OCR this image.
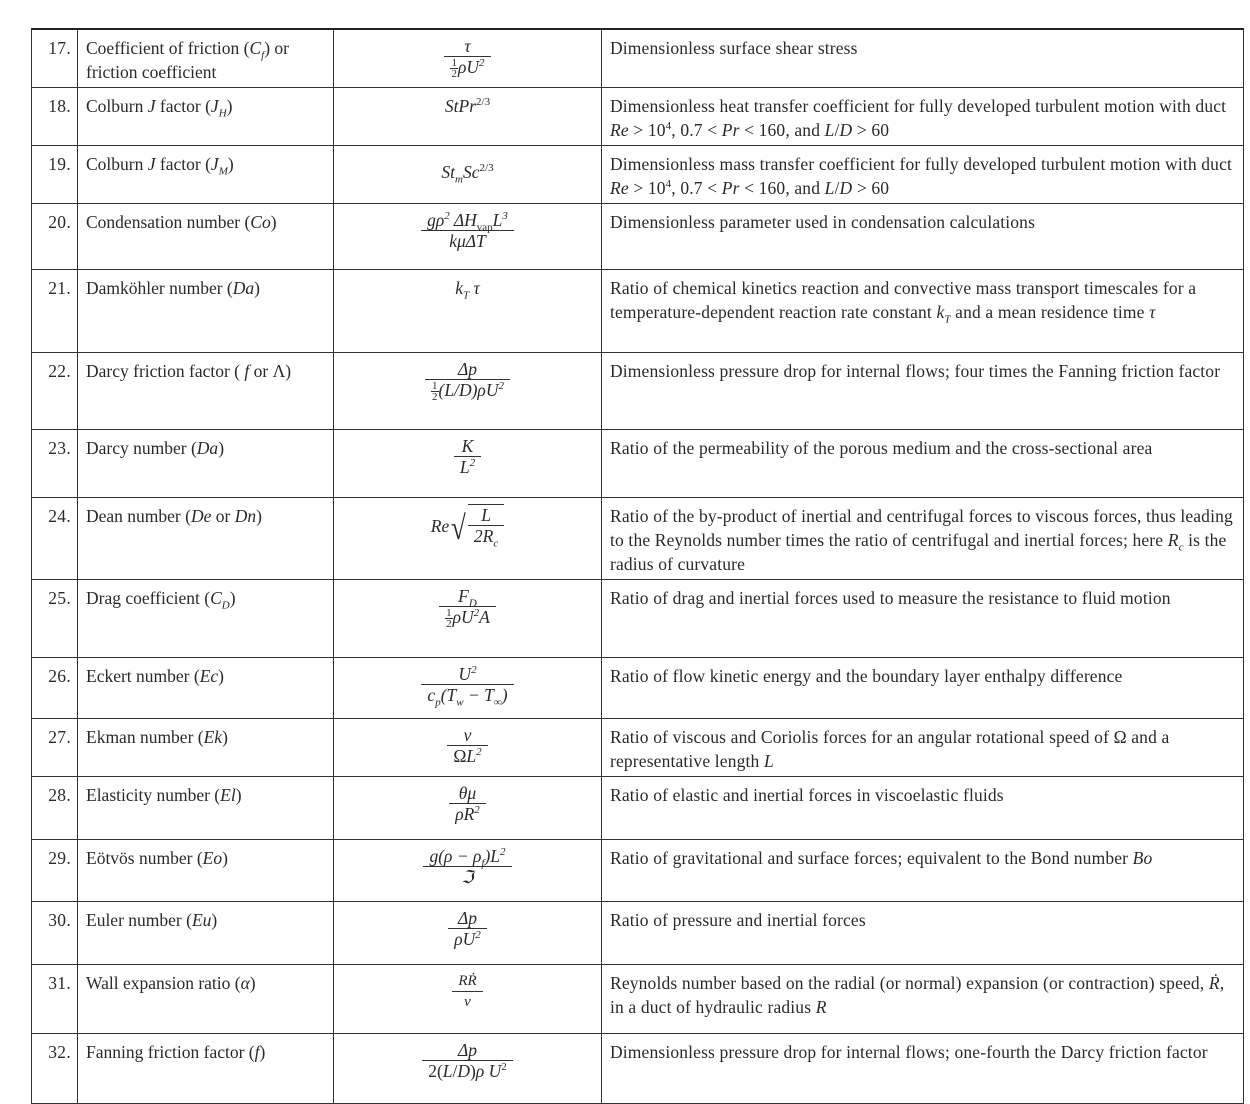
17.	Coefficient of friction $(C_f)$ or friction coefficient	$\frac{\tau}{\frac{1}{2} \rho U^2}$	Dimensionless surface shear stress
18.	Colburn J factor $(J_H)$	StPr$^{2/3}$	Dimensionless heat transfer coefficient for fully developed turbulent motion with duct $Re > 10^4$, 0.7 < Pr < 160, and L/D > 60
19.	Colburn J factor $(J_M)$	$St_mSc^{2/3}$	Dimensionless mass transfer coefficient for fully developed turbulent motion with duct $Re > 10^4$, 0.7 < Pr < 160, and L/D > 60
20.	Condensation number (Co)	$\frac{g\rho^2 \Delta H_{vap}L^3}{\text{kμΔT}}$	Dimensionless parameter used in condensation calculations
21.	Damköhler number (Da)	$k_T$ τ	Ratio of chemical kinetics reaction and convective mass transport timescales for a temperature-dependent reaction rate constant $k_T$ and a mean residence time τ
22.	Darcy friction factor ( f or Λ)	$\frac{\Delta p}{\frac{1}{2} (L/D)\rho U^2}$	Dimensionless pressure drop for internal flows; four times the Fanning friction factor
23.	Darcy number (Da)	$\frac{K}{L^2}$	Ratio of the permeability of the porous medium and the cross-sectional area
24.	Dean number (De or Dn)	Re √ $\frac{L}{2R_c}$	Ratio of the by-product of inertial and centrifugal forces to viscous forces, thus leading to the Reynolds number times the ratio of centrifugal and inertial forces; here $R_c$ is the radius of curvature
25.	Drag coefficient $(C_D)$	$\frac{F_D}{\frac{1}{2} \rho U^2A}$	Ratio of drag and inertial forces used to measure the resistance to fluid motion
26.	Eckert number (Ec)	$\frac{U^2}{c_p(T_w - T_\infty)}$	Ratio of flow kinetic energy and the boundary layer enthalpy difference
27.	Ekman number (Ek)	$\frac{\nu}{\Omega L^2}$	Ratio of viscous and Coriolis forces for an angular rotational speed of Ω and a representative length L
28.	Elasticity number (El)	$\frac{\theta\mu}{\rho R^2}$	Ratio of elastic and inertial forces in viscoelastic fluids
29.	Eötvös number (Eo)	$\frac{g(\rho - \rho_f)L^2}{\text{ℑ}}$	Ratio of gravitational and surface forces; equivalent to the Bond number Bo
30.	Euler number (Eu)	$\frac{\Delta p}{\rho U^2}$	Ratio of pressure and inertial forces
31.	Wall expansion ratio (α)	$\frac{\text{RṘ}}{\nu}$	Reynolds number based on the radial (or normal) expansion (or contraction) speed, Ṙ, in a duct of hydraulic radius R
32.	Fanning friction factor (f)	$\frac{\Delta p}{2(L/D)\rho U^2}$	Dimensionless pressure drop for internal flows; one-fourth the Darcy friction factor
